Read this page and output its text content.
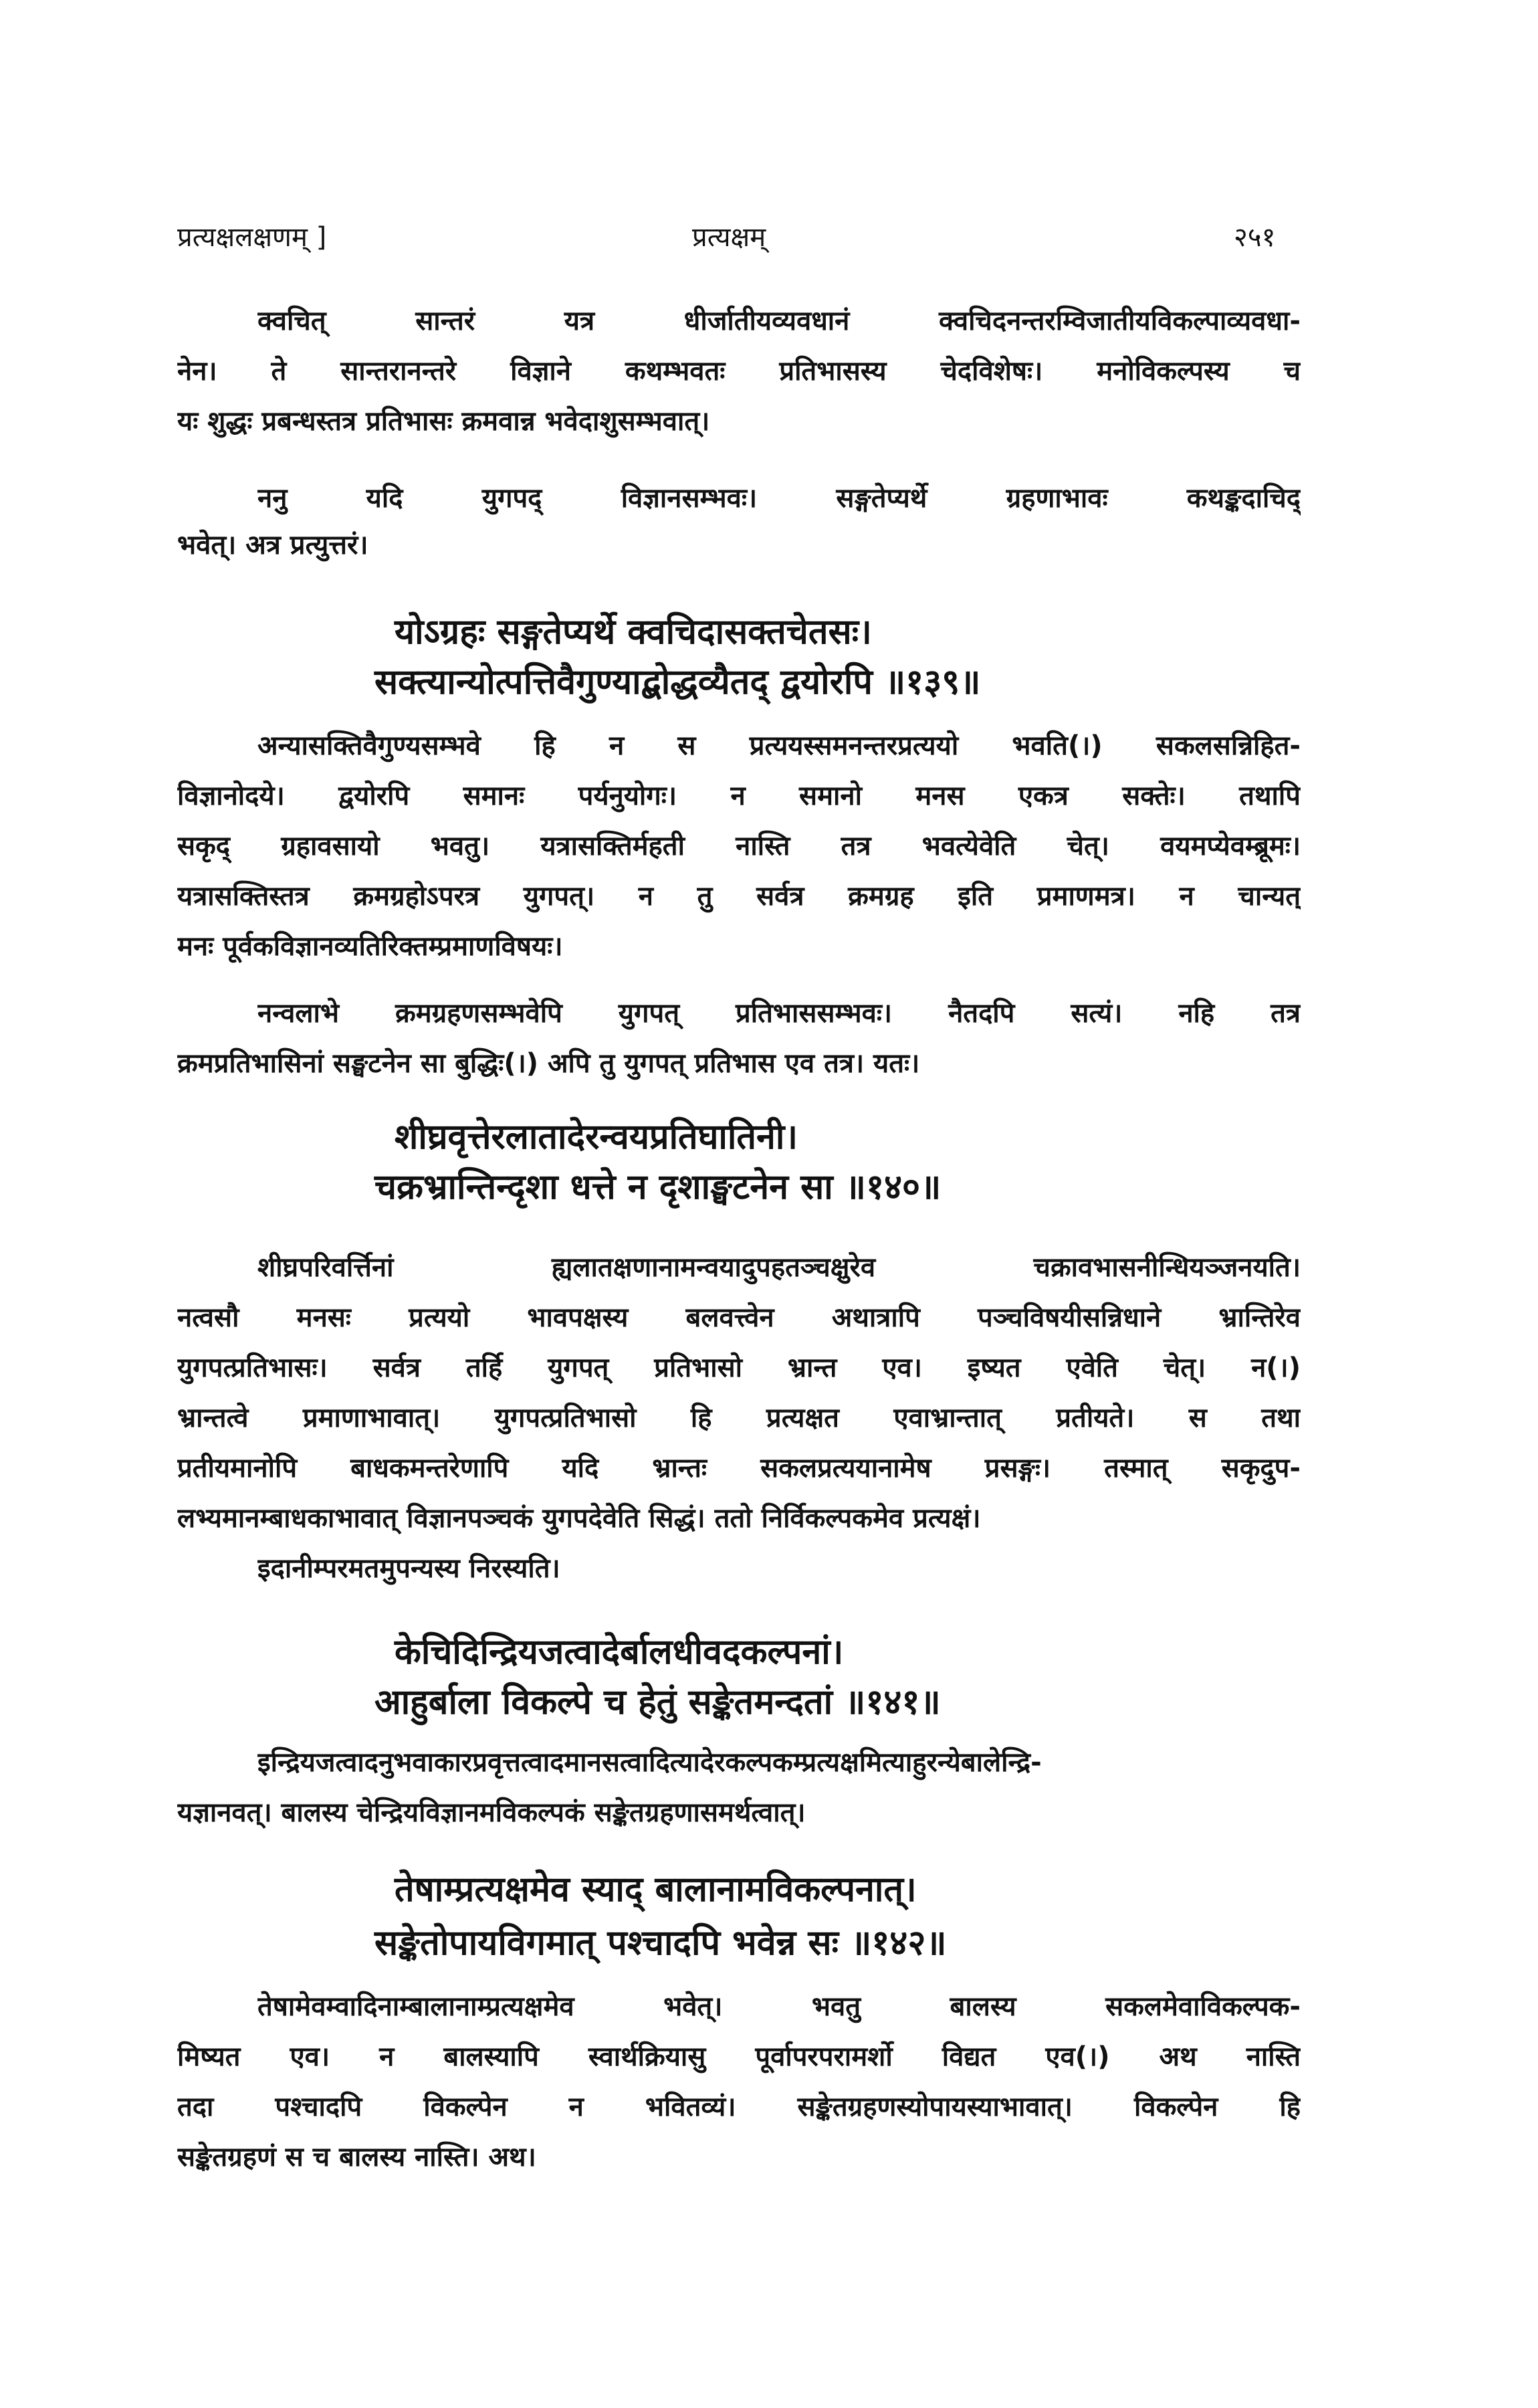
प्रत्यक्षलक्षणम् ]	प्रत्यक्षम्	२५१
क्वचित् सान्तरं यत्र धीर्जातीयव्यवधानं क्वचिदनन्तरम्विजातीयविकल्पाव्यवधा-
नेन। ते सान्तरानन्तरे विज्ञाने कथम्भवतः प्रतिभासस्य चेदविशेषः। मनोविकल्पस्य च
यः शुद्धः प्रबन्धस्तत्र प्रतिभासः क्रमवान्न भवेदाशुसम्भवात्।
ननु यदि युगपद् विज्ञानसम्भवः। सङ्गतेप्यर्थे ग्रहणाभावः कथङ्कदाचिद्
भवेत्। अत्र प्रत्युत्तरं।
योऽग्रहः सङ्गतेप्यर्थे क्वचिदासक्तचेतसः।
सक्त्यान्योत्पत्तिवैगुण्याद्बोद्धव्यैतद् द्वयोरपि ॥१३९॥
अन्यासक्तिवैगुण्यसम्भवे हि न स प्रत्ययस्समनन्तरप्रत्ययो भवति(।) सकलसन्निहित-
विज्ञानोदये। द्वयोरपि समानः पर्यनुयोगः। न समानो मनस एकत्र सक्तेः। तथापि
सकृद् ग्रहावसायो भवतु। यत्रासक्तिर्महती नास्ति तत्र भवत्येवेति चेत्। वयमप्येवम्ब्रूमः।
यत्रासक्तिस्तत्र क्रमग्रहोऽपरत्र युगपत्। न तु सर्वत्र क्रमग्रह इति प्रमाणमत्र। न चान्यत्
मनः पूर्वकविज्ञानव्यतिरिक्तम्प्रमाणविषयः।
नन्वलाभे क्रमग्रहणसम्भवेपि युगपत् प्रतिभाससम्भवः। नैतदपि सत्यं। नहि तत्र
क्रमप्रतिभासिनां सङ्घटनेन सा बुद्धिः(।) अपि तु युगपत् प्रतिभास एव तत्र। यतः।
शीघ्रवृत्तेरलातादेरन्वयप्रतिघातिनी।
चक्रभ्रान्तिन्दृशा धत्ते न दृशाङ्घटनेन सा ॥१४०॥
शीघ्रपरिवर्त्तिनां ह्यलातक्षणानामन्वयादुपहतञ्चक्षुरेव चक्रावभासनीन्धियञ्जनयति।
नत्वसौ मनसः प्रत्ययो भावपक्षस्य बलवत्त्वेन अथात्रापि पञ्चविषयीसन्निधाने भ्रान्तिरेव
युगपत्प्रतिभासः। सर्वत्र तर्हि युगपत् प्रतिभासो भ्रान्त एव। इष्यत एवेति चेत्। न(।)
भ्रान्तत्वे प्रमाणाभावात्। युगपत्प्रतिभासो हि प्रत्यक्षत एवाभ्रान्तात् प्रतीयते। स तथा
प्रतीयमानोपि बाधकमन्तरेणापि यदि भ्रान्तः सकलप्रत्ययानामेष प्रसङ्गः। तस्मात् सकृदुप-
लभ्यमानम्बाधकाभावात् विज्ञानपञ्चकं युगपदेवेति सिद्धं। ततो निर्विकल्पकमेव प्रत्यक्षं।
इदानीम्परमतमुपन्यस्य निरस्यति।
केचिदिन्द्रियजत्वादेर्बालधीवदकल्पनां।
आहुर्बाला विकल्पे च हेतुं सङ्केतमन्दतां ॥१४१॥
इन्द्रियजत्वादनुभवाकारप्रवृत्तत्वादमानसत्वादित्यादेरकल्पकम्प्रत्यक्षमित्याहुरन्येबालेन्द्रि-
यज्ञानवत्। बालस्य चेन्द्रियविज्ञानमविकल्पकं सङ्केतग्रहणासमर्थत्वात्।
तेषाम्प्रत्यक्षमेव स्याद् बालानामविकल्पनात्।
सङ्केतोपायविगमात् पश्चादपि भवेन्न सः ॥१४२॥
तेषामेवम्वादिनाम्बालानाम्प्रत्यक्षमेव भवेत्। भवतु बालस्य सकलमेवाविकल्पक-
मिष्यत एव। न बालस्यापि स्वार्थक्रियासु पूर्वापरपरामर्शो विद्यत एव(।) अथ नास्ति
तदा पश्चादपि विकल्पेन न भवितव्यं। सङ्केतग्रहणस्योपायस्याभावात्। विकल्पेन हि
सङ्केतग्रहणं स च बालस्य नास्ति। अथ।
